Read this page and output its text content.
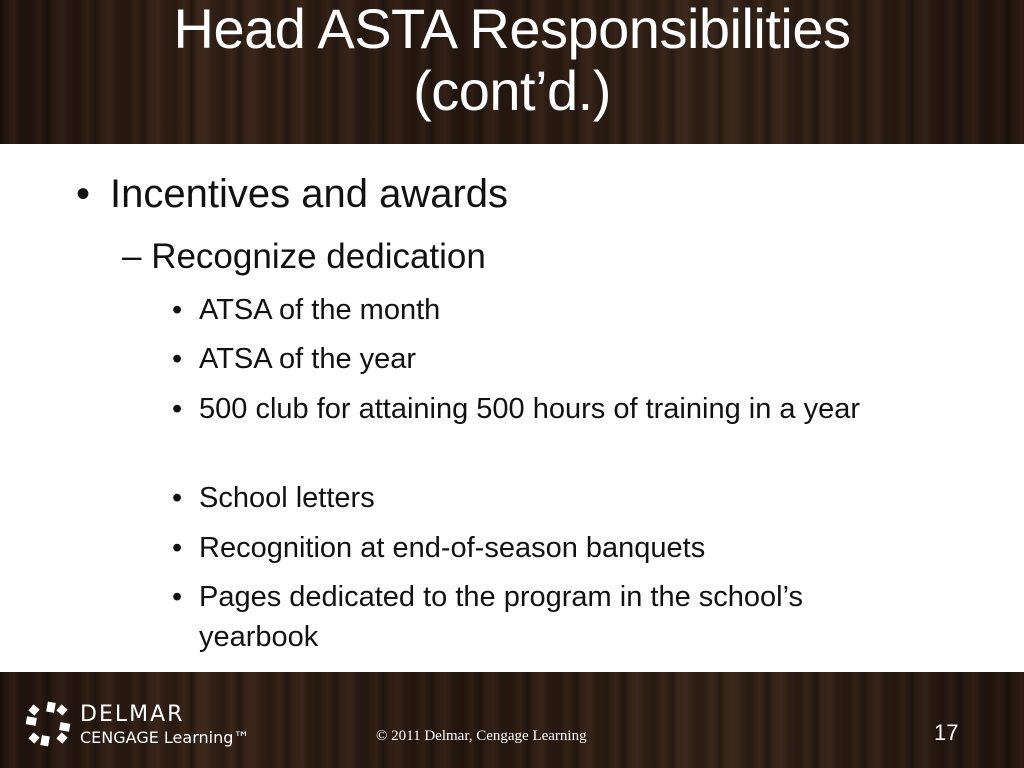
Head ASTA Responsibilities
(cont’d.)
• Incentives and awards
– Recognize dedication
• ATSA of the month
• ATSA of the year
• 500 club for attaining 500 hours of training in a year
• School letters
• Recognition at end-of-season banquets
• Pages dedicated to the program in the school’s yearbook
DELMAR
CENGAGE Learning™	© 2011 Delmar, Cengage Learning	17
